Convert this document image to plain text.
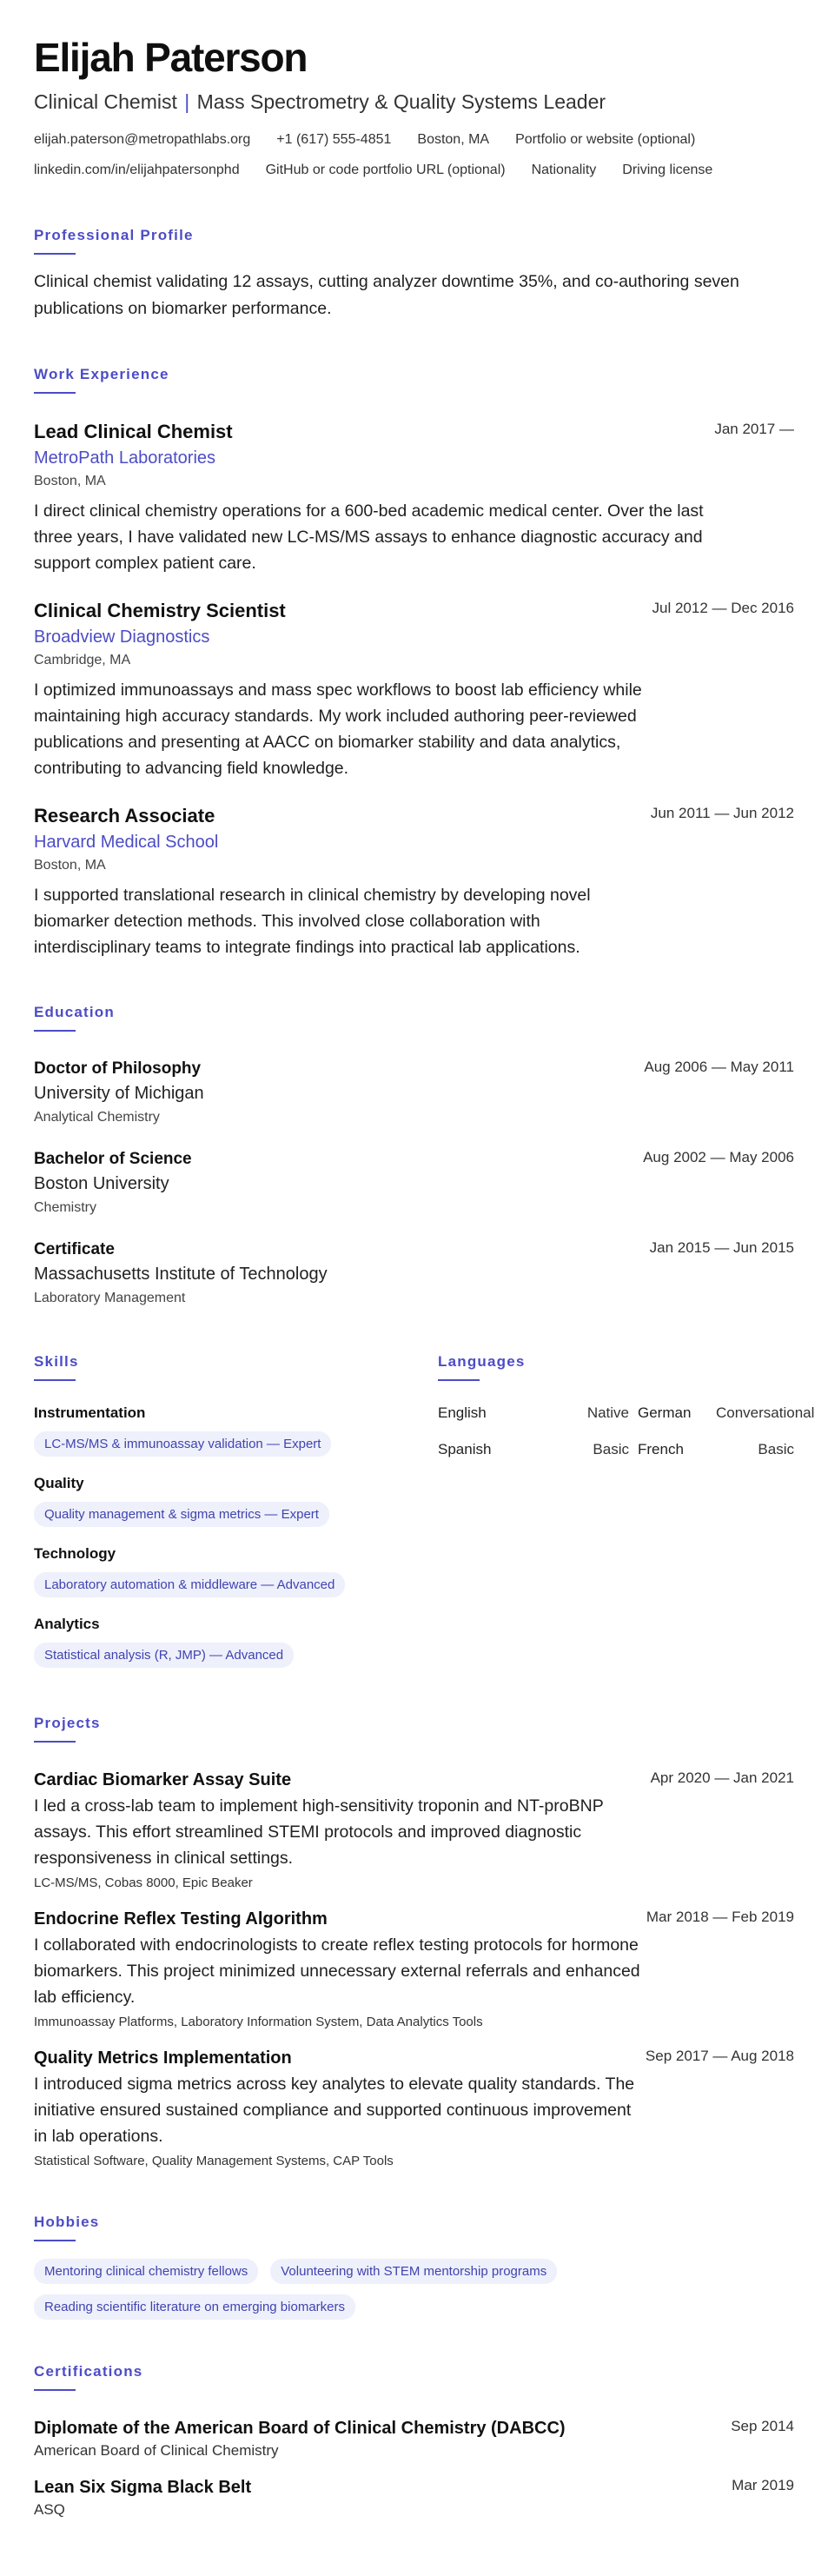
Elijah Paterson
Clinical Chemist | Mass Spectrometry & Quality Systems Leader
elijah.paterson@metropathlabs.org +1 (617) 555-4851 Boston, MA Portfolio or website (optional)
linkedin.com/in/elijahpatersonphd GitHub or code portfolio URL (optional) Nationality Driving license
Professional Profile
Clinical chemist validating 12 assays, cutting analyzer downtime 35%, and co-authoring seven publications on biomarker performance.
Work Experience
Lead Clinical Chemist
MetroPath Laboratories
Boston, MA
I direct clinical chemistry operations for a 600-bed academic medical center. Over the last three years, I have validated new LC-MS/MS assays to enhance diagnostic accuracy and support complex patient care.
Jan 2017 —
Clinical Chemistry Scientist
Broadview Diagnostics
Cambridge, MA
I optimized immunoassays and mass spec workflows to boost lab efficiency while maintaining high accuracy standards. My work included authoring peer-reviewed publications and presenting at AACC on biomarker stability and data analytics, contributing to advancing field knowledge.
Jul 2012 — Dec 2016
Research Associate
Harvard Medical School
Boston, MA
I supported translational research in clinical chemistry by developing novel biomarker detection methods. This involved close collaboration with interdisciplinary teams to integrate findings into practical lab applications.
Jun 2011 — Jun 2012
Education
Doctor of Philosophy
University of Michigan
Analytical Chemistry
Aug 2006 — May 2011
Bachelor of Science
Boston University
Chemistry
Aug 2002 — May 2006
Certificate
Massachusetts Institute of Technology
Laboratory Management
Jan 2015 — Jun 2015
Skills
Instrumentation
LC-MS/MS & immunoassay validation — Expert
Quality
Quality management & sigma metrics — Expert
Technology
Laboratory automation & middleware — Advanced
Analytics
Statistical analysis (R, JMP) — Advanced
Languages
English	Native German	Conversational
Spanish	Basic French	Basic
Projects
Cardiac Biomarker Assay Suite
I led a cross-lab team to implement high-sensitivity troponin and NT-proBNP assays. This effort streamlined STEMI protocols and improved diagnostic responsiveness in clinical settings.
LC-MS/MS, Cobas 8000, Epic Beaker
Apr 2020 — Jan 2021
Endocrine Reflex Testing Algorithm
I collaborated with endocrinologists to create reflex testing protocols for hormone biomarkers. This project minimized unnecessary external referrals and enhanced lab efficiency.
Immunoassay Platforms, Laboratory Information System, Data Analytics Tools
Mar 2018 — Feb 2019
Quality Metrics Implementation
I introduced sigma metrics across key analytes to elevate quality standards. The initiative ensured sustained compliance and supported continuous improvement in lab operations.
Statistical Software, Quality Management Systems, CAP Tools
Sep 2017 — Aug 2018
Hobbies
Mentoring clinical chemistry fellows	Volunteering with STEM mentorship programs
Reading scientific literature on emerging biomarkers
Certifications
Diplomate of the American Board of Clinical Chemistry (DABCC)
American Board of Clinical Chemistry
Sep 2014
Lean Six Sigma Black Belt
ASQ
Mar 2019
